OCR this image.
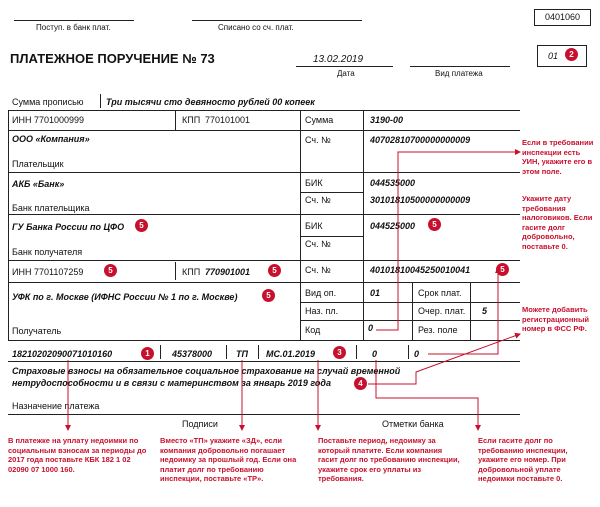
0401060
Поступ. в банк плат.	Списано со сч. плат.
ПЛАТЕЖНОЕ ПОРУЧЕНИЕ № 73	13.02.2019
Дата	Вид платежа
01	2
Сумма прописью Три тысячи сто девяносто рублей 00 копеек
ИНН 7701000999	КПП 770101001	Сумма	3190-00
ООО «Компания»	Сч. №	40702810700000000009
Плательщик
АКБ «Банк»	БИК	044535000
Сч. №	30101810500000000009
Банк плательщика
ГУ Банка России по ЦФО	5	БИК	044525000	5
Сч. №
Банк получателя
ИНН 7701107259	5	КПП 770901001	5	Сч. №	40101810045250010041	5
УФК по г. Москве (ИФНС России № 1 по г. Москве)	5
Получатель
Вид оп.	01	Срок плат.
Наз. пл.	Очер. плат. 5
Код	0	Рез. поле
18210202090071010160	1	45378000	ТП МС.01.2019	3	0	0
Страховые взносы на обязательное социальное страхование на случай временной нетрудоспособности и в связи с материнством за январь 2019 года	4
Назначение платежа
Подписи	Отметки банка
Если в требовании инспекции есть УИН, укажите его в этом поле.
Укажите дату требования налоговиков. Если гасите долг добровольно, поставьте 0.
Можете добавить регистрационный номер в ФСС РФ.
В платежке на уплату недоимки по социальным взносам за периоды до 2017 года поставьте КБК 182 1 02 02090 07 1000 160.
Вместо «ТП» укажите «ЗД», если компания добровольно погашает недоимку за прошлый год. Если она платит долг по требованию инспекции, поставьте «ТР».
Поставьте период, недоимку за который платите. Если компания гасит долг по требованию инспекции, укажите срок его уплаты из требования.
Если гасите долг по требованию инспекции, укажите его номер. При добровольной уплате недоимки поставьте 0.
